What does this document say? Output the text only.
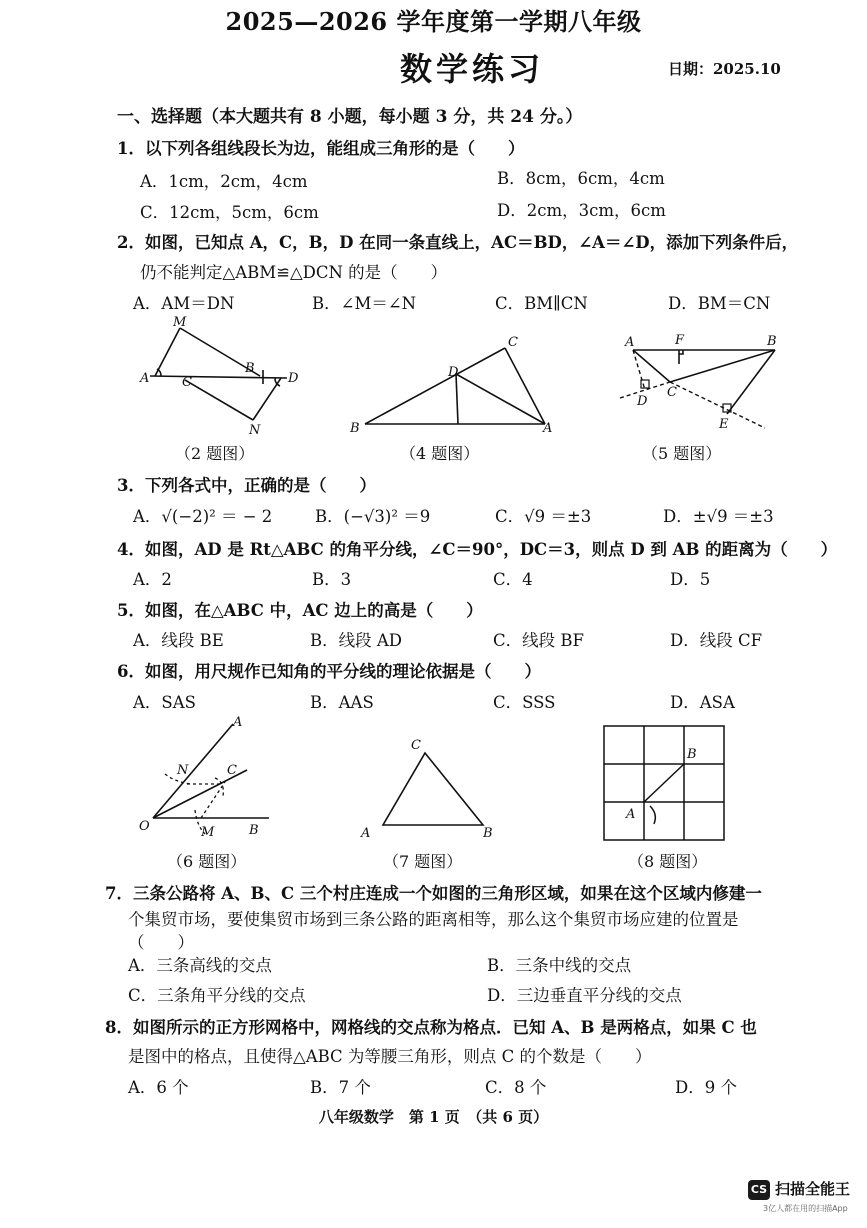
2025—2026 学年度第一学期八年级
数学练习	日期：2025.10
一、选择题（本大题共有 8 小题，每小题 3 分，共 24 分。）
1．以下列各组线段长为边，能组成三角形的是（　　）
A．1cm，2cm，4cm	B．8cm，6cm，4cm
C．12cm，5cm，6cm	D．2cm，3cm，6cm
2．如图，已知点 A，C，B，D 在同一条直线上，AC＝BD，∠A＝∠D，添加下列条件后，
仍不能判定△ABM≌△DCN 的是（　　）
A．AM＝DN	B．∠M＝∠N	C．BM∥CN	D．BM＝CN
M
A	C
B
D
N
（2 题图）
C
D
B	A
（4 题图）
A	F	B
D
C
E
（5 题图）
3．下列各式中，正确的是（　　）
A．√(−2)² ＝ − 2	B．(−√3)² ＝9	C．√9 ＝±3	D．±√9 ＝±3
4．如图，AD 是 Rt△ABC 的角平分线，∠C＝90°，DC＝3，则点 D 到 AB 的距离为（　　）
A．2	B．3	C．4	D．5
5．如图，在△ABC 中，AC 边上的高是（　　）
A．线段 BE	B．线段 AD	C．线段 BF	D．线段 CF
6．如图，用尺规作已知角的平分线的理论依据是（　　）
A．SAS	B．AAS	C．SSS	D．ASA
A
N	C
O	M	B
（6 题图）
C
A	B
（7 题图）
B
A
（8 题图）
7．三条公路将 A、B、C 三个村庄连成一个如图的三角形区域，如果在这个区域内修建一
个集贸市场，要使集贸市场到三条公路的距离相等，那么这个集贸市场应建的位置是
（　　）
A．三条高线的交点	B．三条中线的交点
C．三条角平分线的交点	D．三边垂直平分线的交点
8．如图所示的正方形网格中，网格线的交点称为格点．已知 A、B 是两格点，如果 C 也
是图中的格点，且使得△ABC 为等腰三角形，则点 C 的个数是（　　）
A．6 个	B．7 个	C．8 个	D．9 个
八年级数学　第 1 页　（共 6 页）
CS 扫描全能王
3亿人都在用的扫描App
